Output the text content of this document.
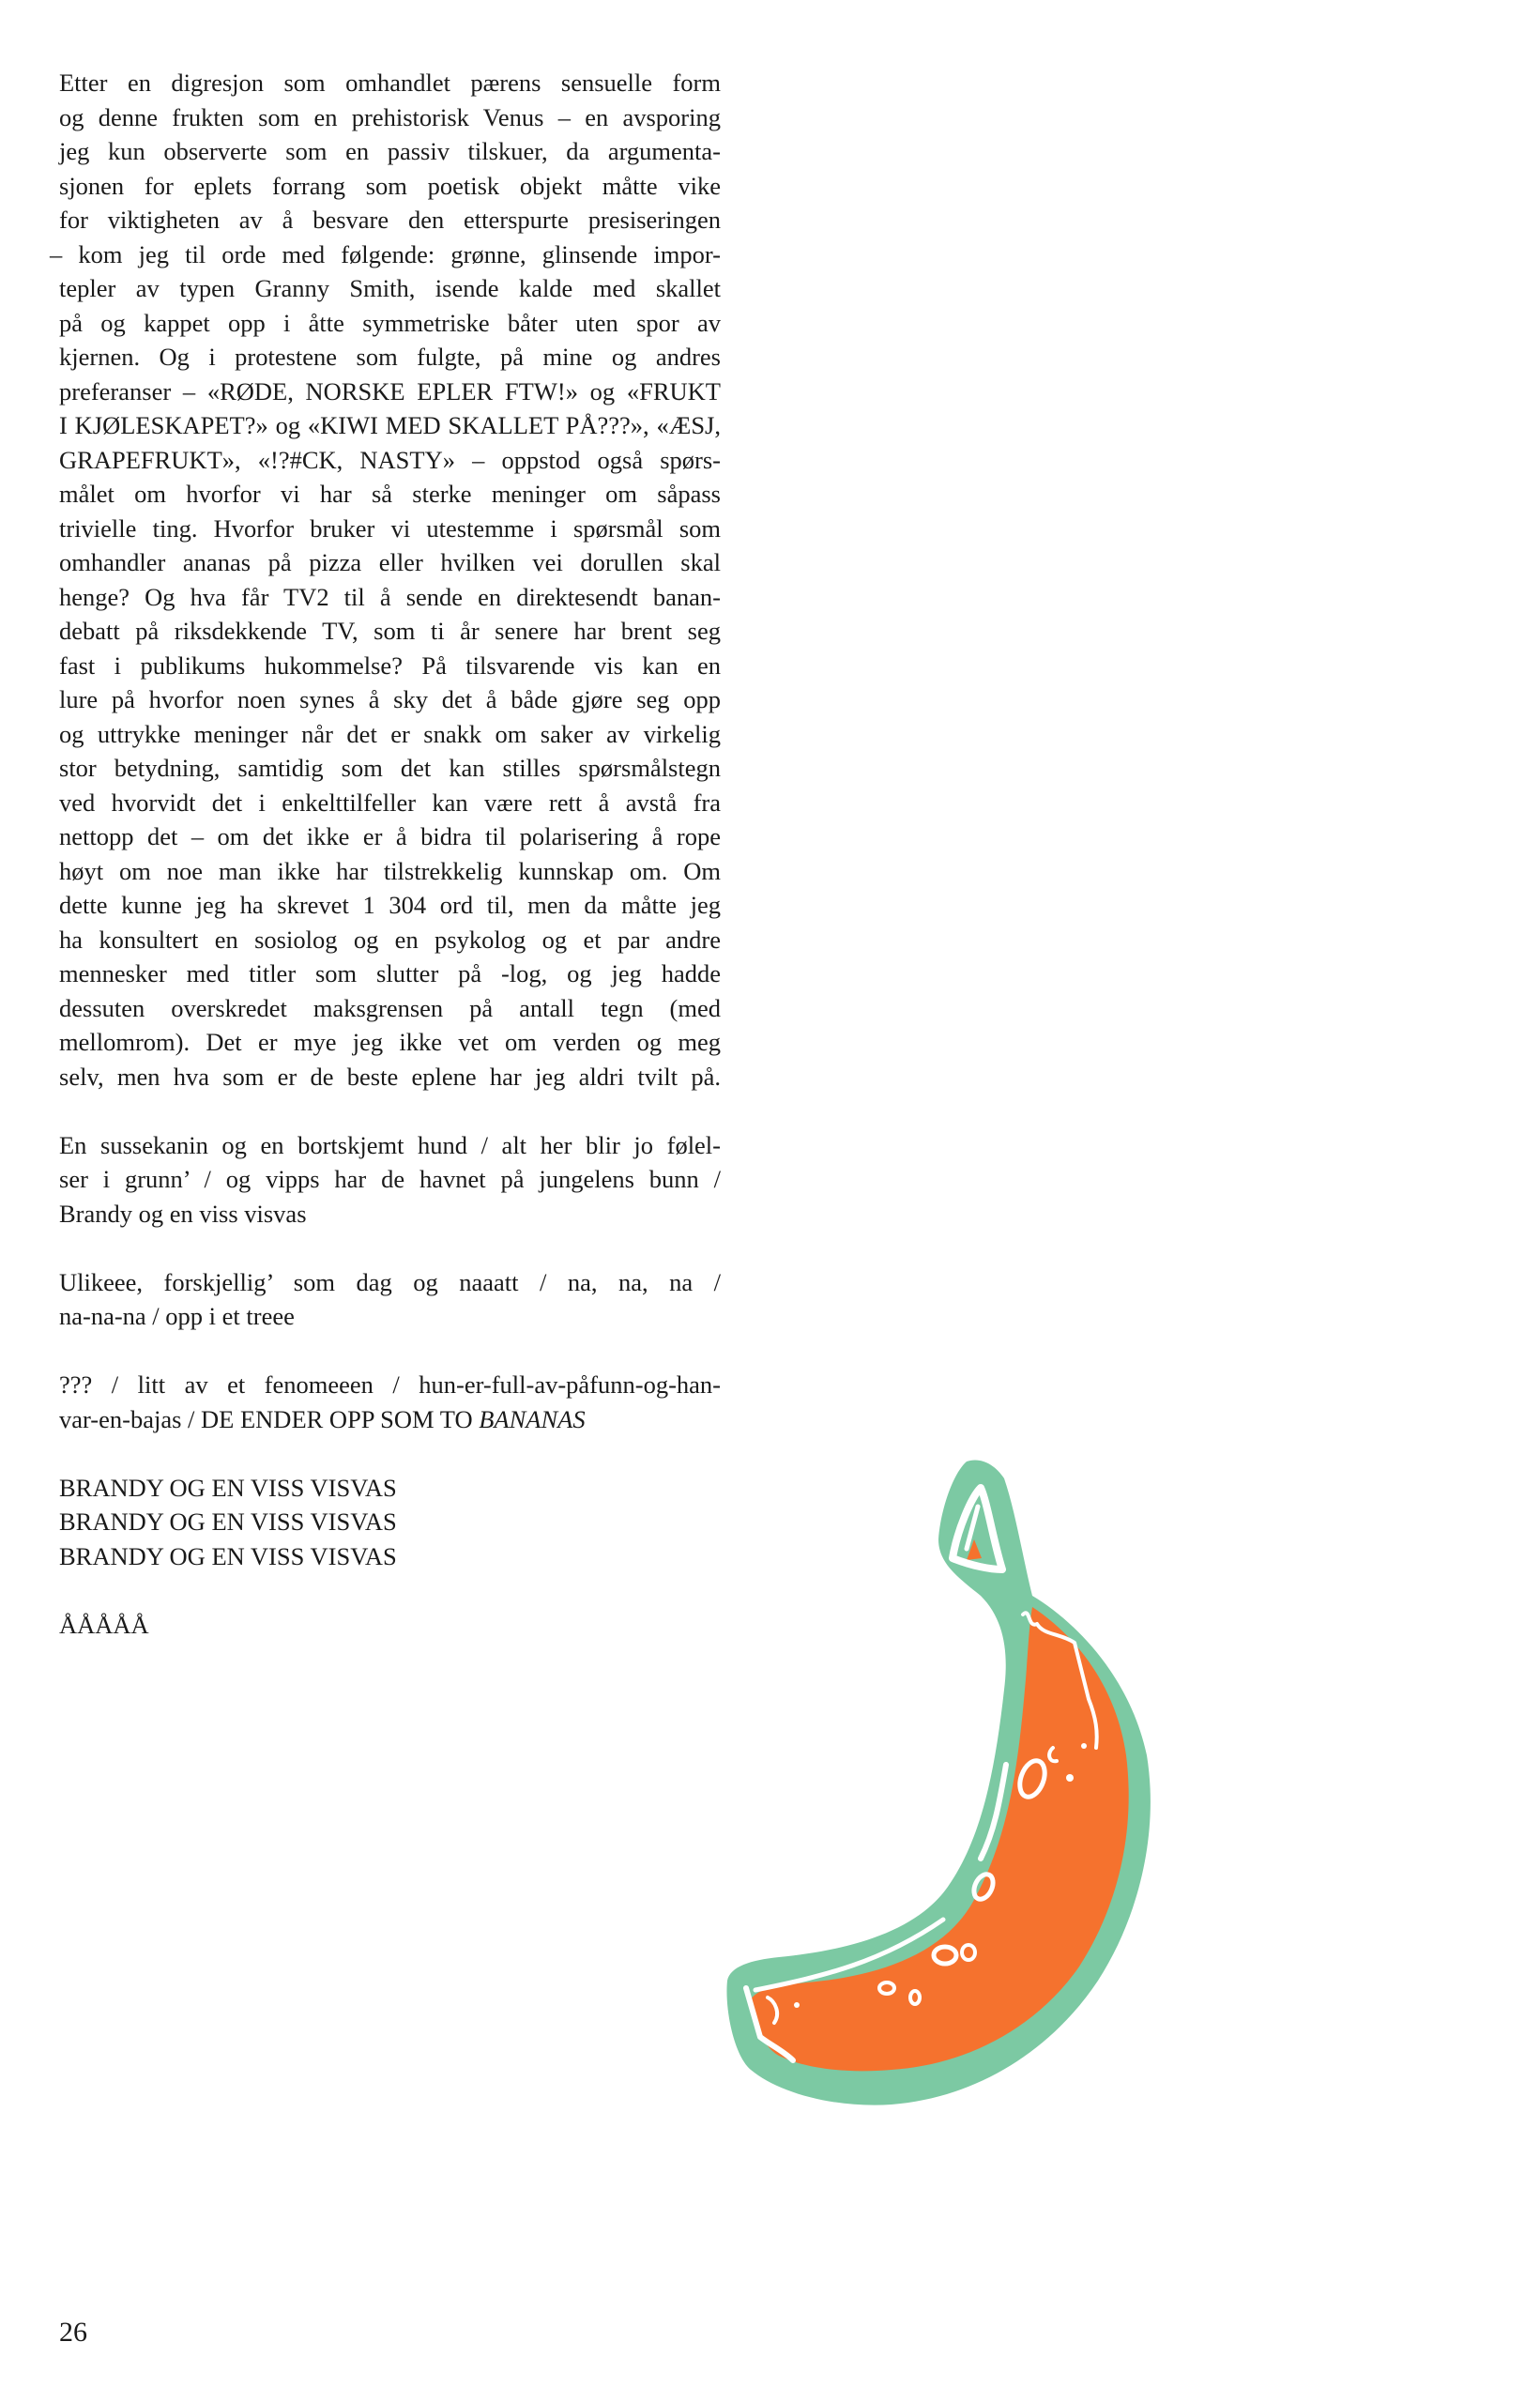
Etter en digresjon som omhandlet pærens sensuelle form
og denne frukten som en prehistorisk Venus – en avsporing
jeg kun observerte som en passiv tilskuer, da argumenta-
sjonen for eplets forrang som poetisk objekt måtte vike
for viktigheten av å besvare den etterspurte presiseringen
– kom jeg til orde med følgende: grønne, glinsende impor-
tepler av typen Granny Smith, isende kalde med skallet
på og kappet opp i åtte symmetriske båter uten spor av
kjernen. Og i protestene som fulgte, på mine og andres
preferanser – «RØDE, NORSKE EPLER FTW!» og «FRUKT
I KJØLESKAPET?» og «KIWI MED SKALLET PÅ???», «ÆSJ,
GRAPEFRUKT», «!?#CK, NASTY» – oppstod også spørs-
målet om hvorfor vi har så sterke meninger om såpass
trivielle ting. Hvorfor bruker vi utestemme i spørsmål som
omhandler ananas på pizza eller hvilken vei dorullen skal
henge? Og hva får TV2 til å sende en direktesendt banan-
debatt på riksdekkende TV, som ti år senere har brent seg
fast i publikums hukommelse? På tilsvarende vis kan en
lure på hvorfor noen synes å sky det å både gjøre seg opp
og uttrykke meninger når det er snakk om saker av virkelig
stor betydning, samtidig som det kan stilles spørsmålstegn
ved hvorvidt det i enkelttilfeller kan være rett å avstå fra
nettopp det – om det ikke er å bidra til polarisering å rope
høyt om noe man ikke har tilstrekkelig kunnskap om. Om
dette kunne jeg ha skrevet 1 304 ord til, men da måtte jeg
ha konsultert en sosiolog og en psykolog og et par andre
mennesker med titler som slutter på -log, og jeg hadde
dessuten overskredet maksgrensen på antall tegn (med
mellomrom). Det er mye jeg ikke vet om verden og meg
selv, men hva som er de beste eplene har jeg aldri tvilt på.
En sussekanin og en bortskjemt hund / alt her blir jo følel-
ser i grunn’ / og vipps har de havnet på jungelens bunn /
Brandy og en viss visvas
Ulikeee, forskjellig’ som dag og naaatt / na, na, na /
na-na-na / opp i et treee
??? / litt av et fenomeeen / hun-er-full-av-påfunn-og-han-
var-en-bajas / DE ENDER OPP SOM TO BANANAS
BRANDY OG EN VISS VISVAS
BRANDY OG EN VISS VISVAS
BRANDY OG EN VISS VISVAS
ÅÅÅÅÅ
26
